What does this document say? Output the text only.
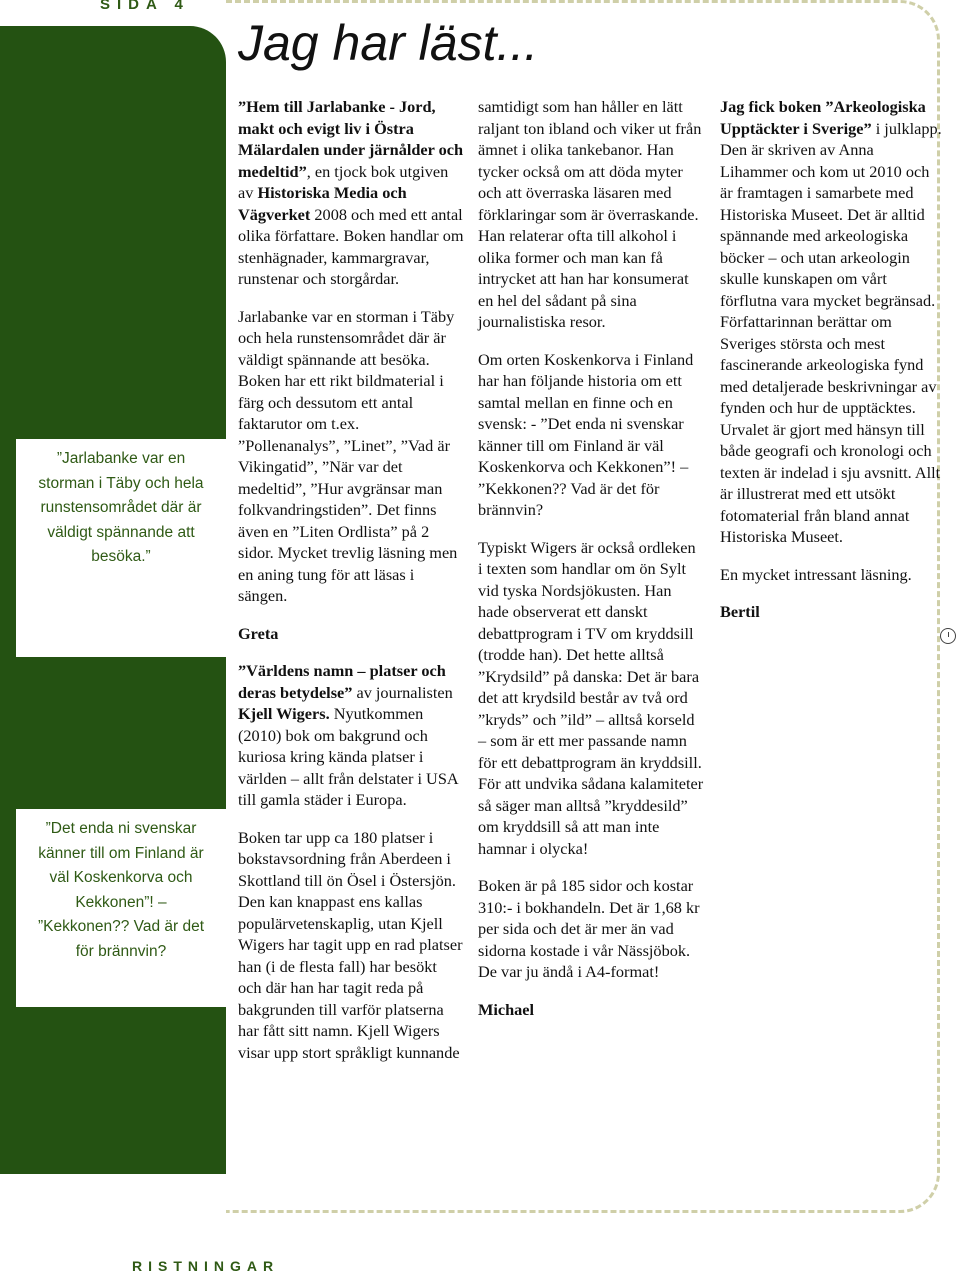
SIDA 4
”Jarlabanke var en storman i Täby och hela runstensområdet där är väldigt spännande att besöka.”
”Det enda ni svenskar känner till om Finland är väl Koskenkorva och Kekkonen”! – ”Kekkonen?? Vad är det för brännvin?
Jag har läst...

”Hem till Jarlabanke - Jord, makt och evigt liv i Östra Mälardalen under järnålder och medeltid”, en tjock bok utgiven av Historiska Media och Vägverket 2008 och med ett antal olika författare. Boken handlar om stenhägnader, kammargravar, runstenar och storgårdar.

Jarlabanke var en storman i Täby och hela runstensområdet där är väldigt spännande att besöka. Boken har ett rikt bildmaterial i färg och dessutom ett antal faktarutor om t.ex. ”Pollenanalys”, ”Linet”, ”Vad är Vikingatid”, ”När var det medeltid”, ”Hur avgränsar man folkvandringstiden”. Det finns även en ”Liten Ordlista” på 2 sidor. Mycket trevlig läsning men en aning tung för att läsas i sängen.

Greta

”Världens namn – platser och deras betydelse” av journalisten Kjell Wigers. Nyutkommen (2010) bok om bakgrund och kuriosa kring kända platser i världen – allt från delstater i USA till gamla städer i Europa.

Boken tar upp ca 180 platser i bokstavsordning från Aberdeen i Skottland till ön Ösel i Östersjön. Den kan knappast ens kallas populärvetenskaplig, utan Kjell Wigers har tagit upp en rad platser han (i de flesta fall) har besökt och där han har tagit reda på bakgrunden till varför platserna har fått sitt namn. Kjell Wigers visar upp stort språkligt kunnande

samtidigt som han håller en lätt raljant ton ibland och viker ut från ämnet i olika tankebanor. Han tycker också om att döda myter och att överraska läsaren med förklaringar som är överraskande. Han relaterar ofta till alkohol i olika former och man kan få intrycket att han har konsumerat en hel del sådant på sina journalistiska resor.

Om orten Koskenkorva i Finland har han följande historia om ett samtal mellan en finne och en svensk: - ”Det enda ni svenskar känner till om Finland är väl Koskenkorva och Kekkonen”! – ”Kekkonen?? Vad är det för brännvin?

Typiskt Wigers är också ordleken i texten som handlar om ön Sylt vid tyska Nordsjökusten. Han hade observerat ett danskt debattprogram i TV om kryddsill (trodde han). Det hette alltså ”Krydsild” på danska: Det är bara det att krydsild består av två ord ”kryds” och ”ild” – alltså korseld – som är ett mer passande namn för ett debattprogram än kryddsill. För att undvika sådana kalamiteter så säger man alltså ”kryddesild” om kryddsill så att man inte hamnar i olycka!

Boken är på 185 sidor och kostar 310:- i bokhandeln. Det är 1,68 kr per sida och det är mer än vad sidorna kostade i vår Nässjöbok. De var ju ändå i A4-format!

Michael

Jag fick boken ”Arkeologiska Upptäckter i Sverige” i julklapp. Den är skriven av Anna Lihammer och kom ut 2010 och är framtagen i samarbete med Historiska Museet. Det är alltid spännande med arkeologiska böcker – och utan arkeologin skulle kunskapen om vårt förflutna vara mycket begränsad. Författarinnan berättar om Sveriges största och mest fascinerande arkeologiska fynd med detaljerade beskrivningar av fynden och hur de upptäcktes. Urvalet är gjort med hänsyn till både geografi och kronologi och texten är indelad i sju avsnitt. Allt är illustrerat med ett utsökt fotomaterial från bland annat Historiska Museet.

En mycket intressant läsning.

Bertil

RISTNINGAR
